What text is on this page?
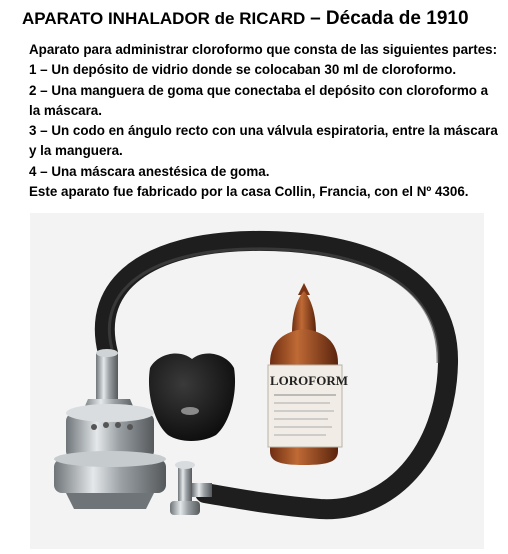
APARATO INHALADOR de RICARD – Década de 1910

Aparato para administrar cloroformo que consta de las siguientes partes:

1 – Un depósito de vidrio donde se colocaban 30 ml de cloroformo.

2 – Una manguera de goma que conectaba el depósito con cloroformo a la máscara.

3 – Un codo en ángulo recto con una válvula espiratoria, entre la máscara y la manguera.

4 – Una máscara anestésica de goma.

Este aparato fue fabricado por la casa Collin, Francia, con el Nº 4306.

LOROFORM
